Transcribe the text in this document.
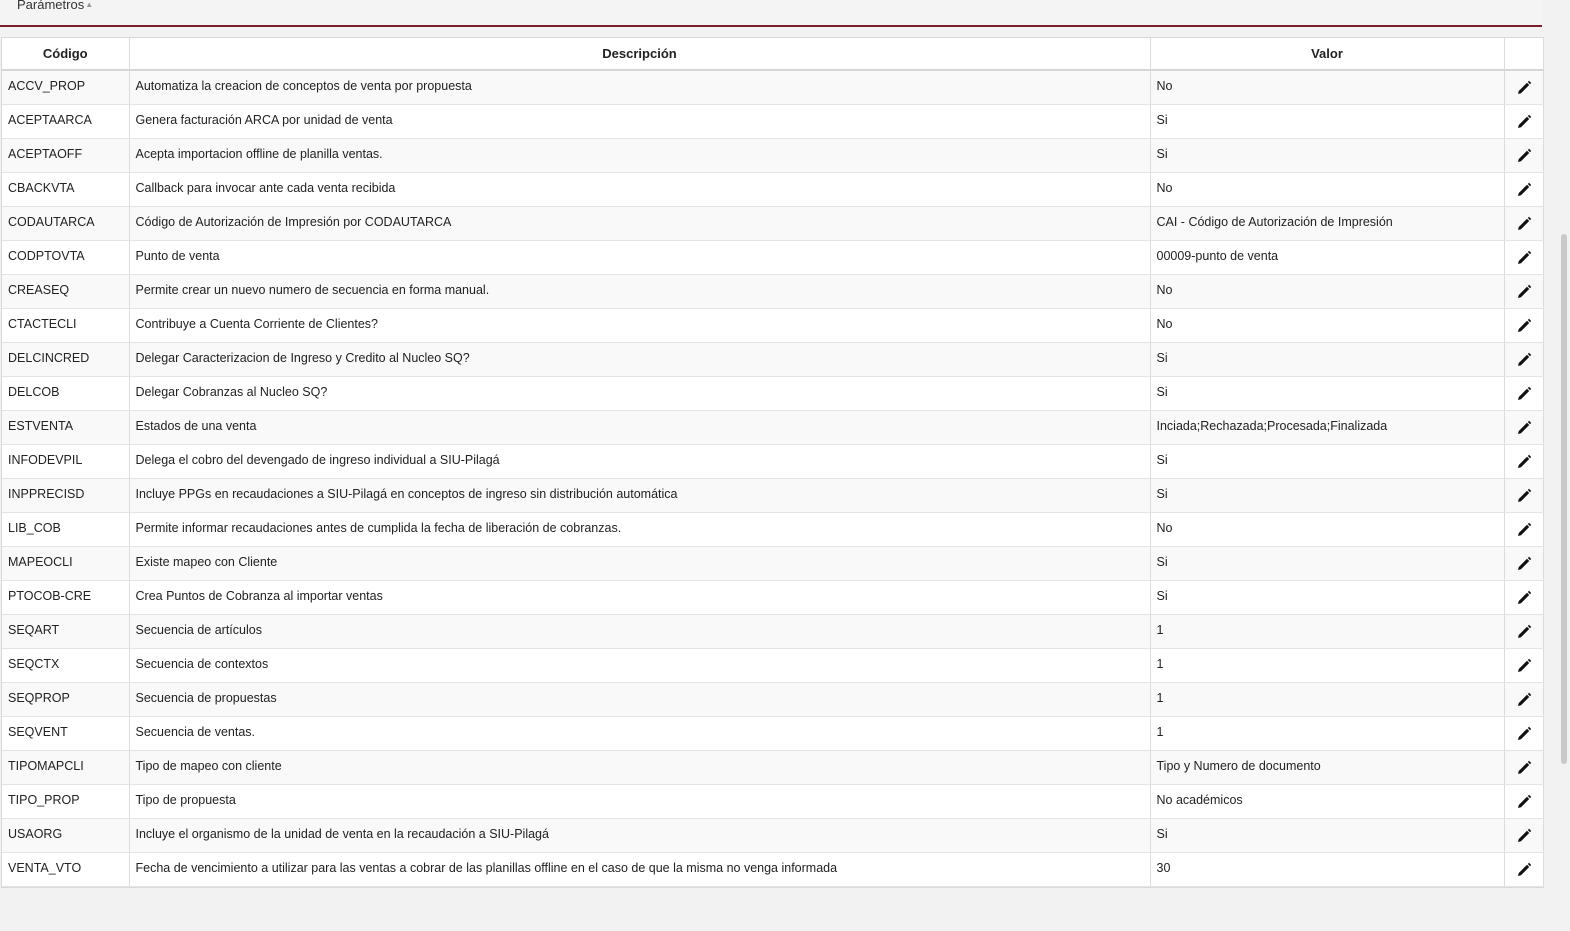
Parámetros▲
Código	Descripción	Valor	
ACCV_PROP	Automatiza la creacion de conceptos de venta por propuesta	No	
ACEPTAARCA	Genera facturación ARCA por unidad de venta	Si	
ACEPTAOFF	Acepta importacion offline de planilla ventas.	Si	
CBACKVTA	Callback para invocar ante cada venta recibida	No	
CODAUTARCA	Código de Autorización de Impresión por CODAUTARCA	CAI - Código de Autorización de Impresión	
CODPTOVTA	Punto de venta	00009-punto de venta	
CREASEQ	Permite crear un nuevo numero de secuencia en forma manual.	No	
CTACTECLI	Contribuye a Cuenta Corriente de Clientes?	No	
DELCINCRED	Delegar Caracterizacion de Ingreso y Credito al Nucleo SQ?	Si	
DELCOB	Delegar Cobranzas al Nucleo SQ?	Si	
ESTVENTA	Estados de una venta	Inciada;Rechazada;Procesada;Finalizada	
INFODEVPIL	Delega el cobro del devengado de ingreso individual a SIU-Pilagá	Si	
INPPRECISD	Incluye PPGs en recaudaciones a SIU-Pilagá en conceptos de ingreso sin distribución automática	Si	
LIB_COB	Permite informar recaudaciones antes de cumplida la fecha de liberación de cobranzas.	No	
MAPEOCLI	Existe mapeo con Cliente	Si	
PTOCOB-CRE	Crea Puntos de Cobranza al importar ventas	Si	
SEQART	Secuencia de artículos	1	
SEQCTX	Secuencia de contextos	1	
SEQPROP	Secuencia de propuestas	1	
SEQVENT	Secuencia de ventas.	1	
TIPOMAPCLI	Tipo de mapeo con cliente	Tipo y Numero de documento	
TIPO_PROP	Tipo de propuesta	No académicos	
USAORG	Incluye el organismo de la unidad de venta en la recaudación a SIU-Pilagá	Si	
VENTA_VTO	Fecha de vencimiento a utilizar para las ventas a cobrar de las planillas offline en el caso de que la misma no venga informada	30	
